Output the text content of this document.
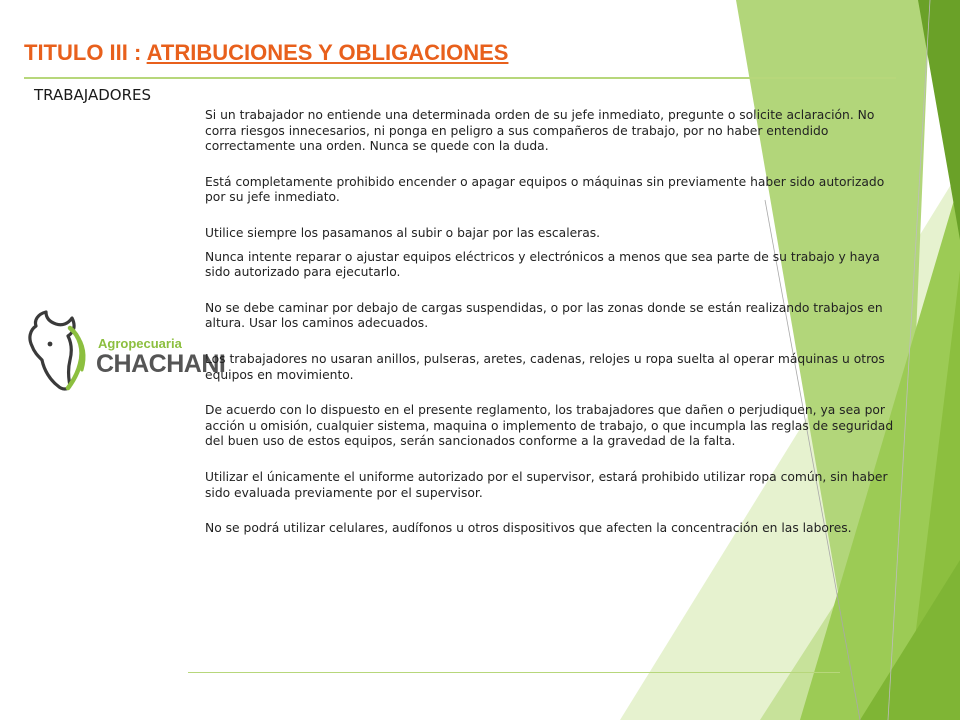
TITULO III : ATRIBUCIONES Y OBLIGACIONES
TRABAJADORES
Agropecuaria
CHACHANI

Si un trabajador no entiende una determinada orden de su jefe inmediato, pregunte o solicite aclaración. No corra riesgos innecesarios, ni ponga en peligro a sus compañeros de trabajo, por no haber entendido correctamente una orden. Nunca se quede con la duda.

Está completamente prohibido encender o apagar equipos o máquinas sin previamente haber sido autorizado por su jefe inmediato.

Utilice siempre los pasamanos al subir o bajar por las escaleras.

Nunca intente reparar o ajustar equipos eléctricos y electrónicos a menos que sea parte de su trabajo y haya sido autorizado para ejecutarlo.

No se debe caminar por debajo de cargas suspendidas, o por las zonas donde se están realizando trabajos en altura. Usar los caminos adecuados.

Los trabajadores no usaran anillos, pulseras, aretes, cadenas, relojes u ropa suelta al operar máquinas u otros equipos en movimiento.

De acuerdo con lo dispuesto en el presente reglamento, los trabajadores que dañen o perjudiquen, ya sea por acción u omisión, cualquier sistema, maquina o implemento de trabajo, o que incumpla las reglas de seguridad del buen uso de estos equipos, serán sancionados conforme a la gravedad de la falta.

Utilizar el únicamente el uniforme autorizado por el supervisor, estará prohibido utilizar ropa común, sin haber sido evaluada previamente por el supervisor.

No se podrá utilizar celulares, audífonos u otros dispositivos que afecten la concentración en las labores.
